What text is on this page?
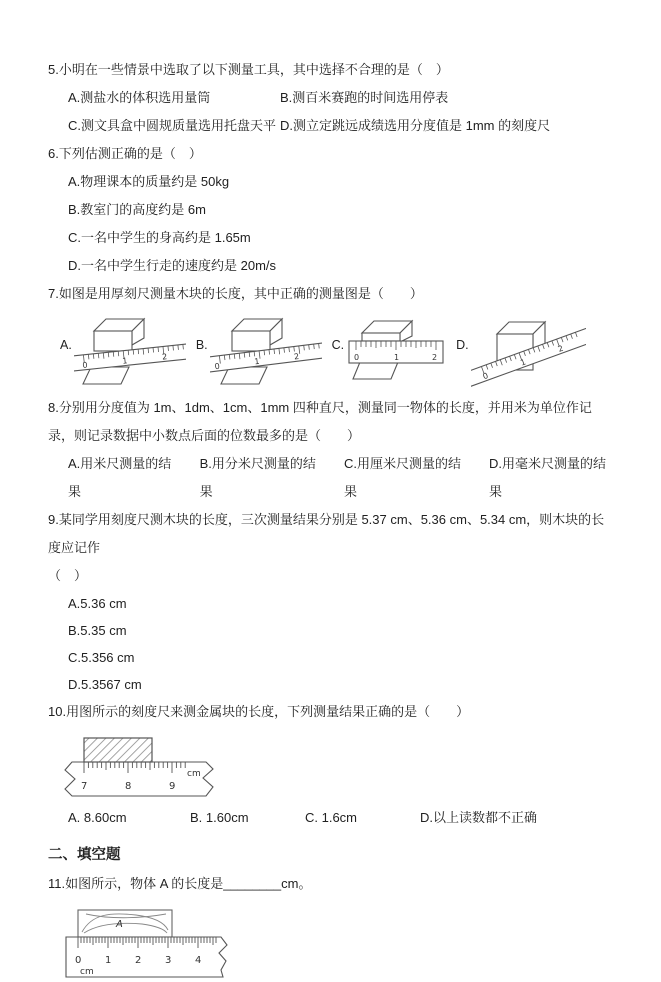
5.小明在一些情景中选取了以下测量工具，其中选择不合理的是（　）
A.测盐水的体积选用量筒	B.测百米赛跑的时间选用停表
C.测文具盒中圆规质量选用托盘天平 D.测立定跳远成绩选用分度值是 1mm 的刻度尺
6.下列估测正确的是（　）
A.物理课本的质量约是 50kg
B.教室门的高度约是 6m
C.一名中学生的身高约是 1.65m
D.一名中学生行走的速度约是 20m/s
7.如图是用厚刻尺测量木块的长度，其中正确的测量图是（　　）
A.
0	1	2
B.
0
1
2
C.
0	1	2
D.
0
1
2
8.分别用分度值为 1m、1dm、1cm、1mm 四种直尺，测量同一物体的长度，并用米为单位作记录，则记录数据中小数点后面的位数最多的是（　　）
A.用米尺测量的结果
B.用分米尺测量的结果
C.用厘米尺测量的结果
D.用毫米尺测量的结果
9.某同学用刻度尺测木块的长度，三次测量结果分别是 5.37 cm、5.36 cm、5.34 cm，则木块的长度应记作
（　）
A.5.36 cm
B.5.35 cm
C.5.356 cm
D.5.3567 cm
10.用图所示的刻度尺来测金属块的长度，下列测量结果正确的是（　　）
7	8	9
cm
A. 8.60cm	B. 1.60cm	C. 1.6cm	D.以上读数都不正确
二、填空题
11.如图所示，物体 A 的长度是________cm。
A
0 1 2 3 4
cm
